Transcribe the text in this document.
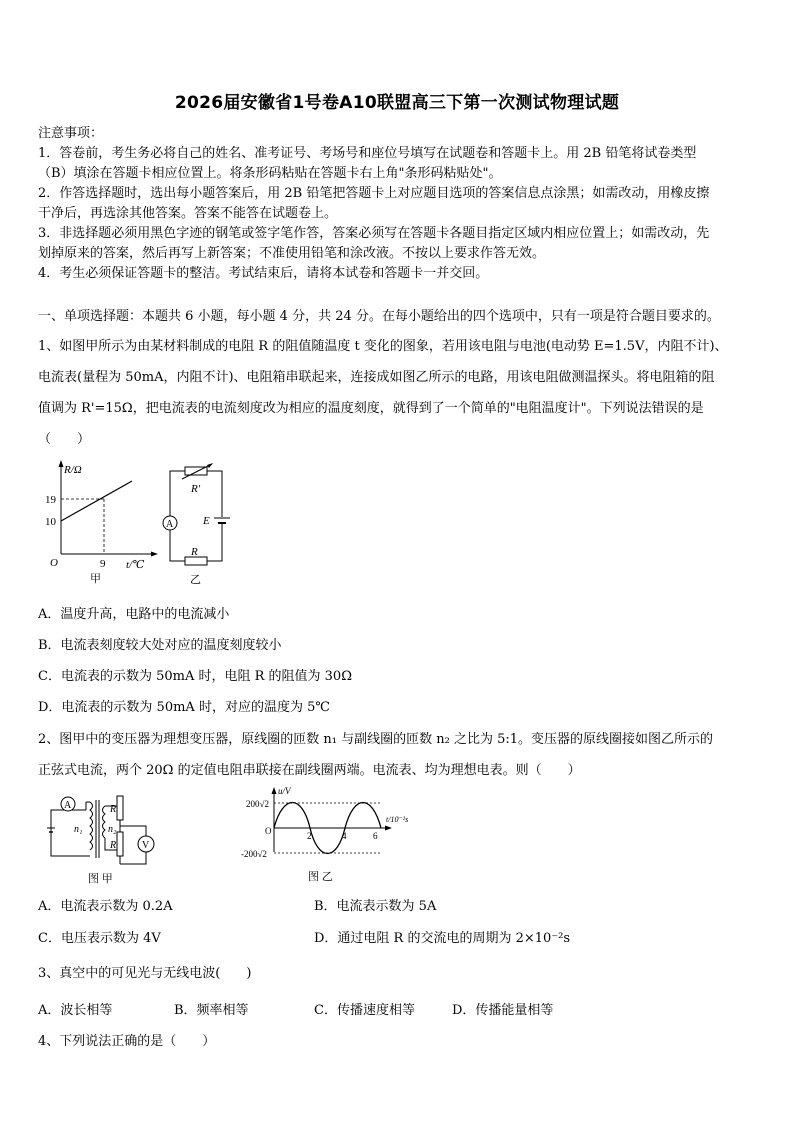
2026届安徽省1号卷A10联盟高三下第一次测试物理试题
注意事项：
1．答卷前，考生务必将自己的姓名、准考证号、考场号和座位号填写在试题卷和答题卡上。用 2B 铅笔将试卷类型
（B）填涂在答题卡相应位置上。将条形码粘贴在答题卡右上角"条形码粘贴处"。
2．作答选择题时，选出每小题答案后，用 2B 铅笔把答题卡上对应题目选项的答案信息点涂黑；如需改动，用橡皮擦
干净后，再选涂其他答案。答案不能答在试题卷上。
3．非选择题必须用黑色字迹的钢笔或签字笔作答，答案必须写在答题卡各题目指定区域内相应位置上；如需改动，先
划掉原来的答案，然后再写上新答案；不准使用铅笔和涂改液。不按以上要求作答无效。
4．考生必须保证答题卡的整洁。考试结束后，请将本试卷和答题卡一并交回。
一、单项选择题：本题共 6 小题，每小题 4 分，共 24 分。在每小题给出的四个选项中，只有一项是符合题目要求的。
1、如图甲所示为由某材料制成的电阻 R 的阻值随温度 t 变化的图象，若用该电阻与电池(电动势 E=1.5V，内阻不计)、
电流表(量程为 50mA，内阻不计)、电阻箱串联起来，连接成如图乙所示的电路，用该电阻做测温探头。将电阻箱的阻
值调为 R'=15Ω，把电流表的电流刻度改为相应的温度刻度，就得到了一个简单的"电阻温度计"。下列说法错误的是
（　　）
R/Ω
19
10
9
O	t/℃
甲
R'
R
A	E
乙
A．温度升高，电路中的电流减小
B．电流表刻度较大处对应的温度刻度较小
C．电流表的示数为 50mA 时，电阻 R 的阻值为 30Ω
D．电流表的示数为 50mA 时，对应的温度为 5℃
2、图甲中的变压器为理想变压器，原线圈的匝数 n₁ 与副线圈的匝数 n₂ 之比为 5:1。变压器的原线圈接如图乙所示的
正弦式电流，两个 20Ω 的定值电阻串联接在副线圈两端。电流表、均为理想电表。则（　　）
A
n₁	n₂
R
R	V
图 甲
u/V
200√2
-200√2
O	2	4	6
t/10⁻²s
图 乙
A．电流表示数为 0.2A	B．电流表示数为 5A
C．电压表示数为 4V	D．通过电阻 R 的交流电的周期为 2×10⁻²s
3、真空中的可见光与无线电波(　　)
A．波长相等	B．频率相等	C．传播速度相等	D．传播能量相等
4、下列说法正确的是（　　）
